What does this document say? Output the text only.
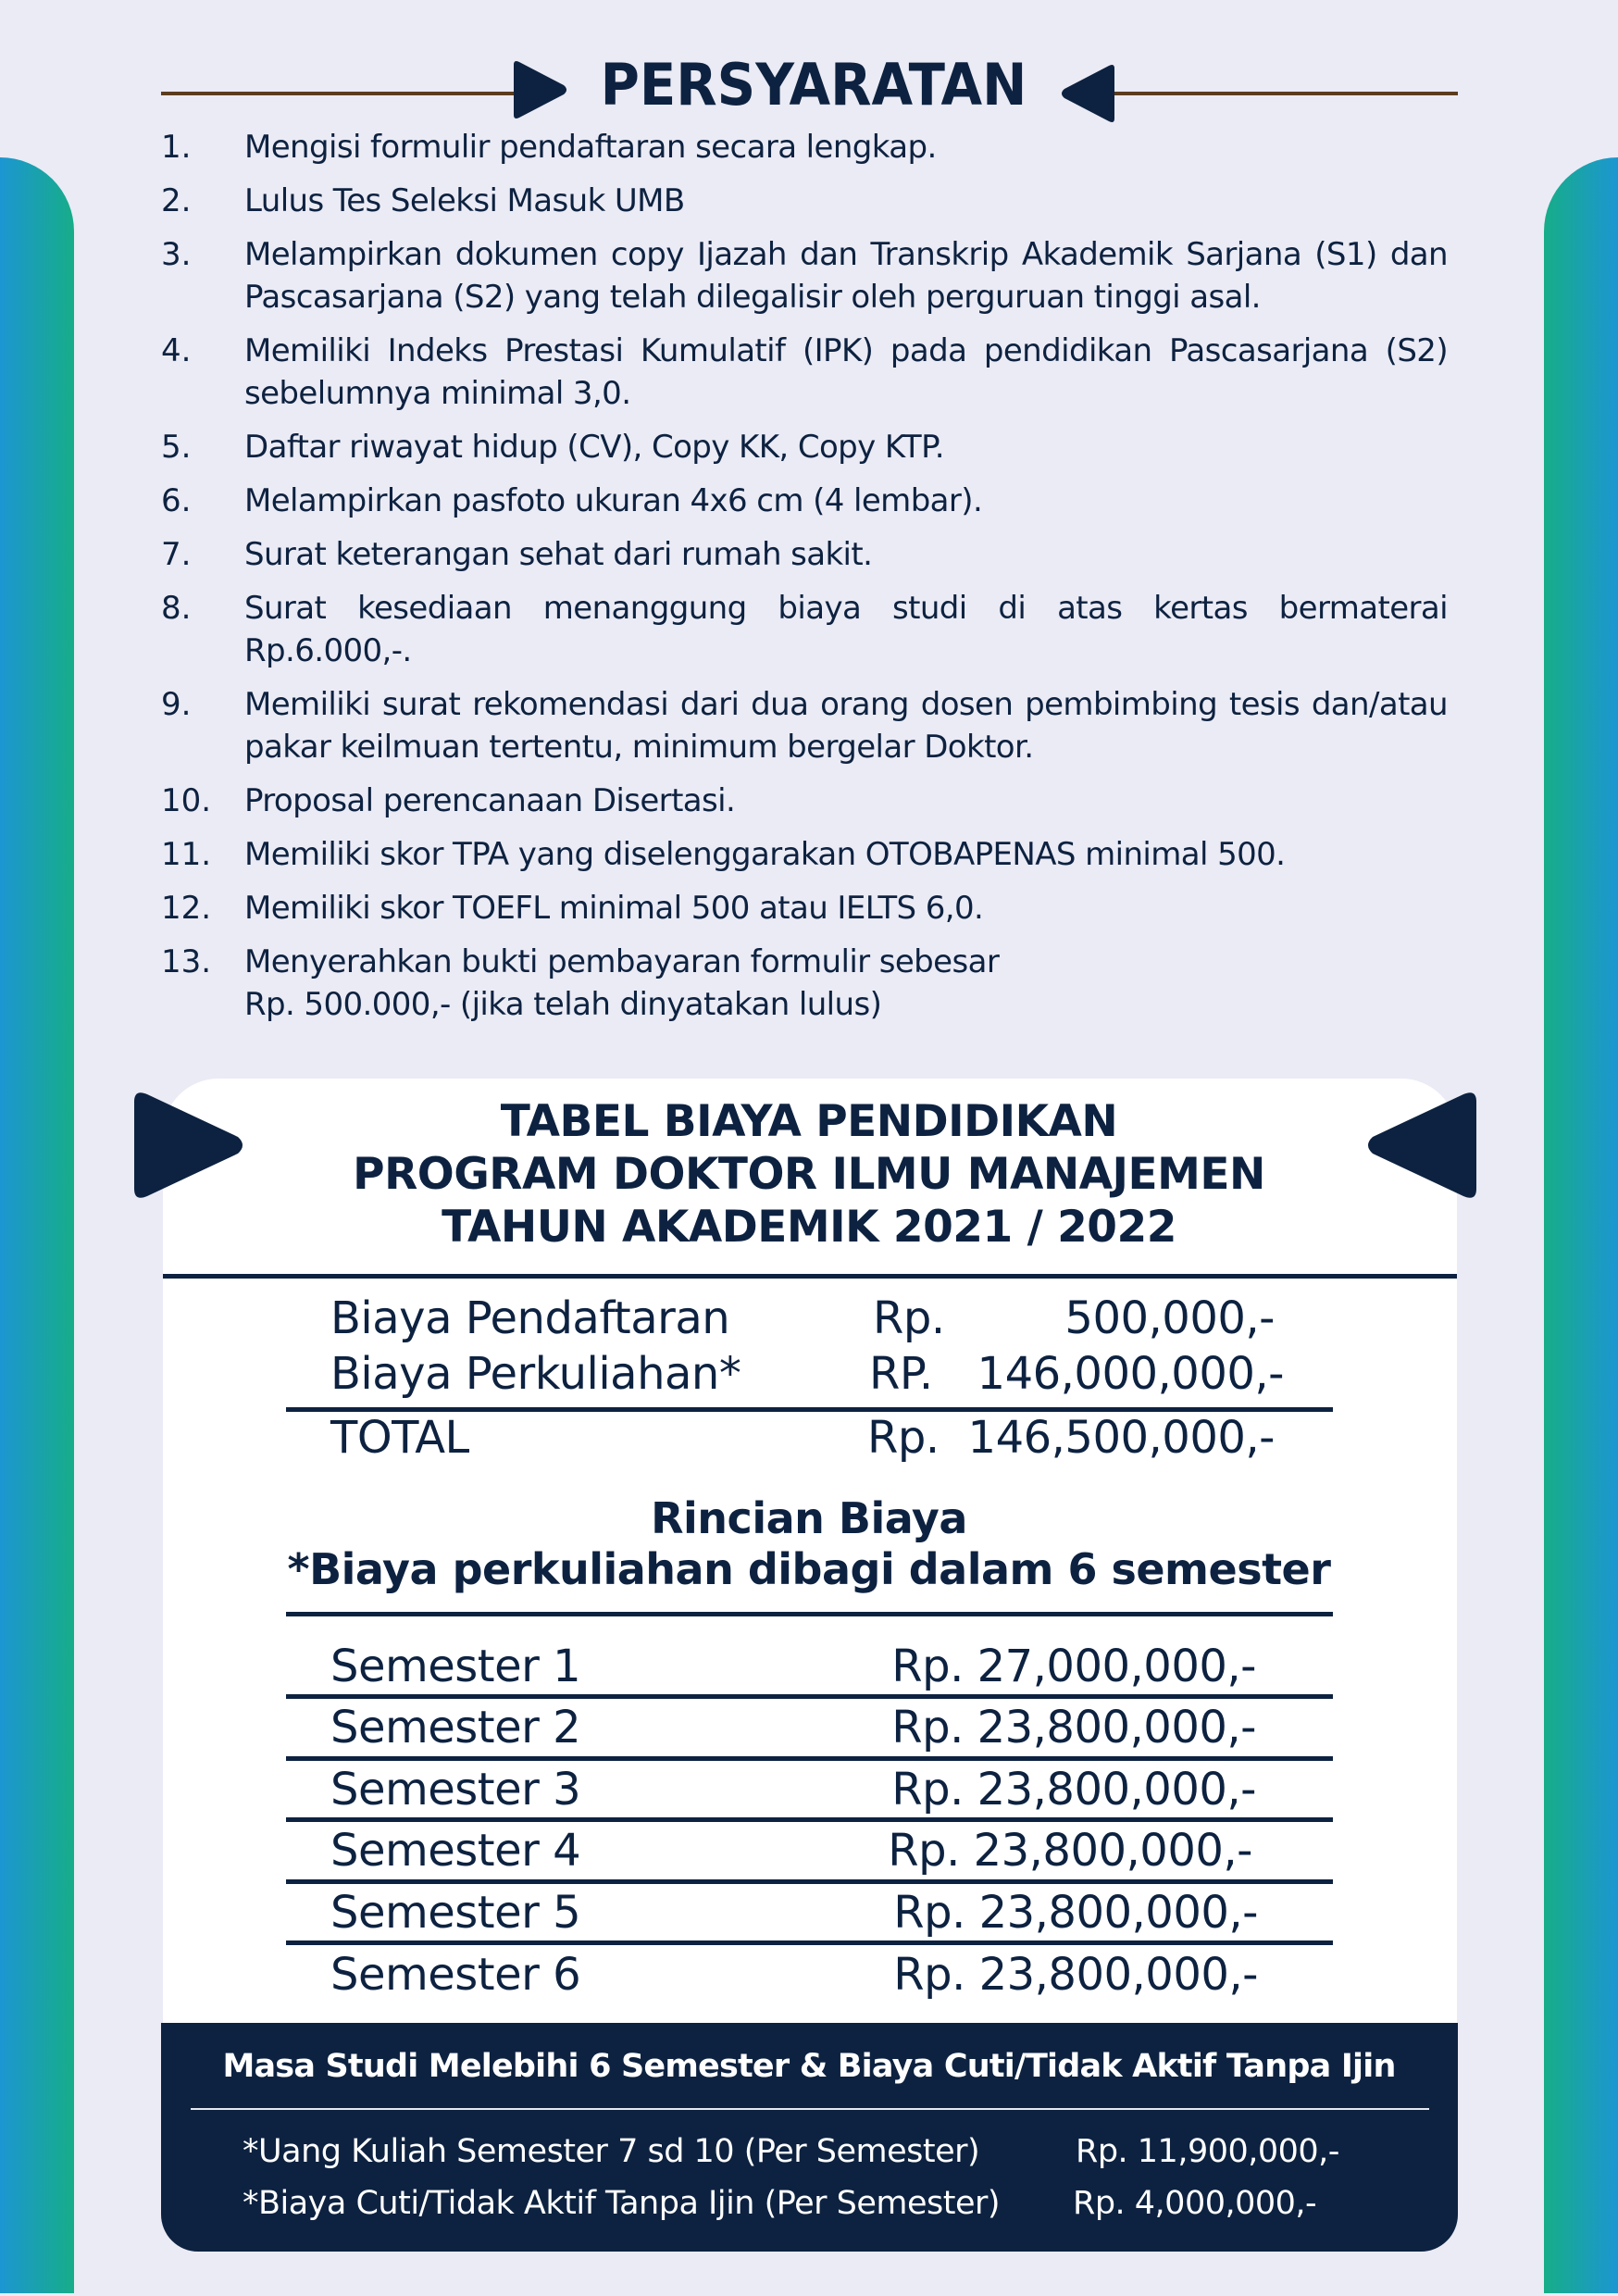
PERSYARATAN
1.	Mengisi formulir pendaftaran secara lengkap.
2.	Lulus Tes Seleksi Masuk UMB
3.	Melampirkan dokumen copy Ijazah dan Transkrip Akademik Sarjana (S1) dan Pascasarjana (S2) yang telah dilegalisir oleh perguruan tinggi asal.
4.	Memiliki Indeks Prestasi Kumulatif (IPK) pada pendidikan Pascasarjana (S2) sebelumnya minimal 3,0.
5.	Daftar riwayat hidup (CV), Copy KK, Copy KTP.
6.	Melampirkan pasfoto ukuran 4x6 cm (4 lembar).
7.	Surat keterangan sehat dari rumah sakit.
8.	Surat kesediaan menanggung biaya studi di atas kertas bermaterai Rp.6.000,-.
9.	Memiliki surat rekomendasi dari dua orang dosen pembimbing tesis dan/atau pakar keilmuan tertentu, minimum bergelar Doktor.
10.	Proposal perencanaan Disertasi.
11.	Memiliki skor TPA yang diselenggarakan OTOBAPENAS minimal 500.
12.	Memiliki skor TOEFL minimal 500 atau IELTS 6,0.
13.	Menyerahkan bukti pembayaran formulir sebesar Rp. 500.000,- (jika telah dinyatakan lulus)
TABEL BIAYA PENDIDIKAN
PROGRAM DOKTOR ILMU MANAJEMEN
TAHUN AKADEMIK 2021 / 2022
Biaya Pendaftaran	Rp.	500,000,-
Biaya Perkuliahan*	RP. 146,000,000,-
TOTAL	Rp. 146,500,000,-
Rincian Biaya
*Biaya perkuliahan dibagi dalam 6 semester
Semester 1	Rp. 27,000,000,-
Semester 2	Rp. 23,800,000,-
Semester 3	Rp. 23,800,000,-
Semester 4	Rp. 23,800,000,-
Semester 5	Rp. 23,800,000,-
Semester 6	Rp. 23,800,000,-
Masa Studi Melebihi 6 Semester & Biaya Cuti/Tidak Aktif Tanpa Ijin
*Uang Kuliah Semester 7 sd 10 (Per Semester)	Rp. 11,900,000,-
*Biaya Cuti/Tidak Aktif Tanpa Ijin (Per Semester) Rp. 4,000,000,-
